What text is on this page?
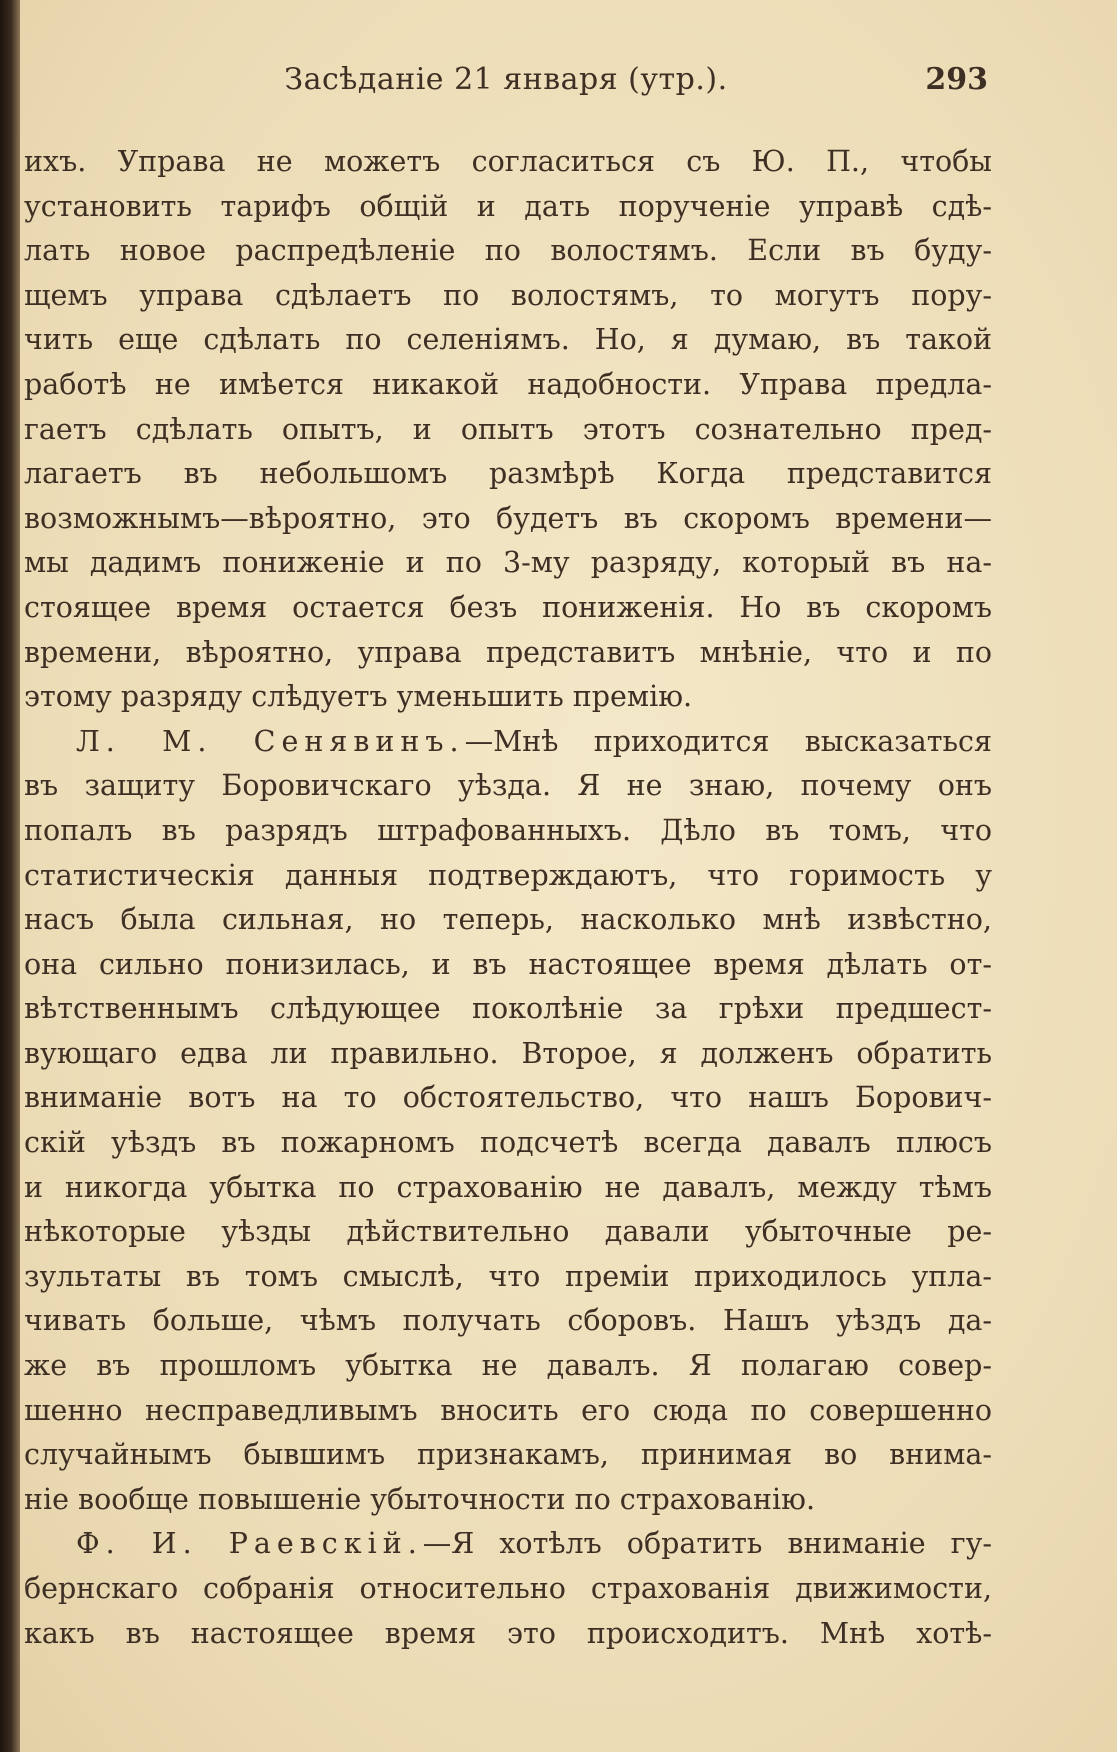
Засѣданіе 21 января (утр.).	293
ихъ. Управа не можетъ согласиться съ Ю. П., чтобы
установить тарифъ общій и дать порученіе управѣ сдѣ-
лать новое распредѣленіе по волостямъ. Если въ буду-
щемъ управа сдѣлаетъ по волостямъ, то могутъ пору-
чить еще сдѣлать по селеніямъ. Но, я думаю, въ такой
работѣ не имѣется никакой надобности. Управа предла-
гаетъ сдѣлать опытъ, и опытъ этотъ сознательно пред-
лагаетъ въ небольшомъ размѣрѣ Когда представится
возможнымъ—вѣроятно, это будетъ въ скоромъ времени—
мы дадимъ пониженіе и по 3-му разряду, который въ на-
стоящее время остается безъ пониженія. Но въ скоромъ
времени, вѣроятно, управа представитъ мнѣніе, что и по
этому разряду слѣдуетъ уменьшить премію.
Л. М. Сенявинъ.—Мнѣ приходится высказаться
въ защиту Боровичскаго уѣзда. Я не знаю, почему онъ
попалъ въ разрядъ штрафованныхъ. Дѣло въ томъ, что
статистическія данныя подтверждаютъ, что горимость у
насъ была сильная, но теперь, насколько мнѣ извѣстно,
она сильно понизилась, и въ настоящее время дѣлать от-
вѣтственнымъ слѣдующее поколѣніе за грѣхи предшест-
вующаго едва ли правильно. Второе, я долженъ обратить
вниманіе вотъ на то обстоятельство, что нашъ Борович-
скій уѣздъ въ пожарномъ подсчетѣ всегда давалъ плюсъ
и никогда убытка по страхованію не давалъ, между тѣмъ
нѣкоторые уѣзды дѣйствительно давали убыточные ре-
зультаты въ томъ смыслѣ, что преміи приходилось упла-
чивать больше, чѣмъ получать сборовъ. Нашъ уѣздъ да-
же въ прошломъ убытка не давалъ. Я полагаю совер-
шенно несправедливымъ вносить его сюда по совершенно
случайнымъ бывшимъ признакамъ, принимая во внима-
ніе вообще повышеніе убыточности по страхованію.
Ф. И. Раевскій.—Я хотѣлъ обратить вниманіе гу-
бернскаго собранія относительно страхованія движимости,
какъ въ настоящее время это происходитъ. Мнѣ хотѣ-
